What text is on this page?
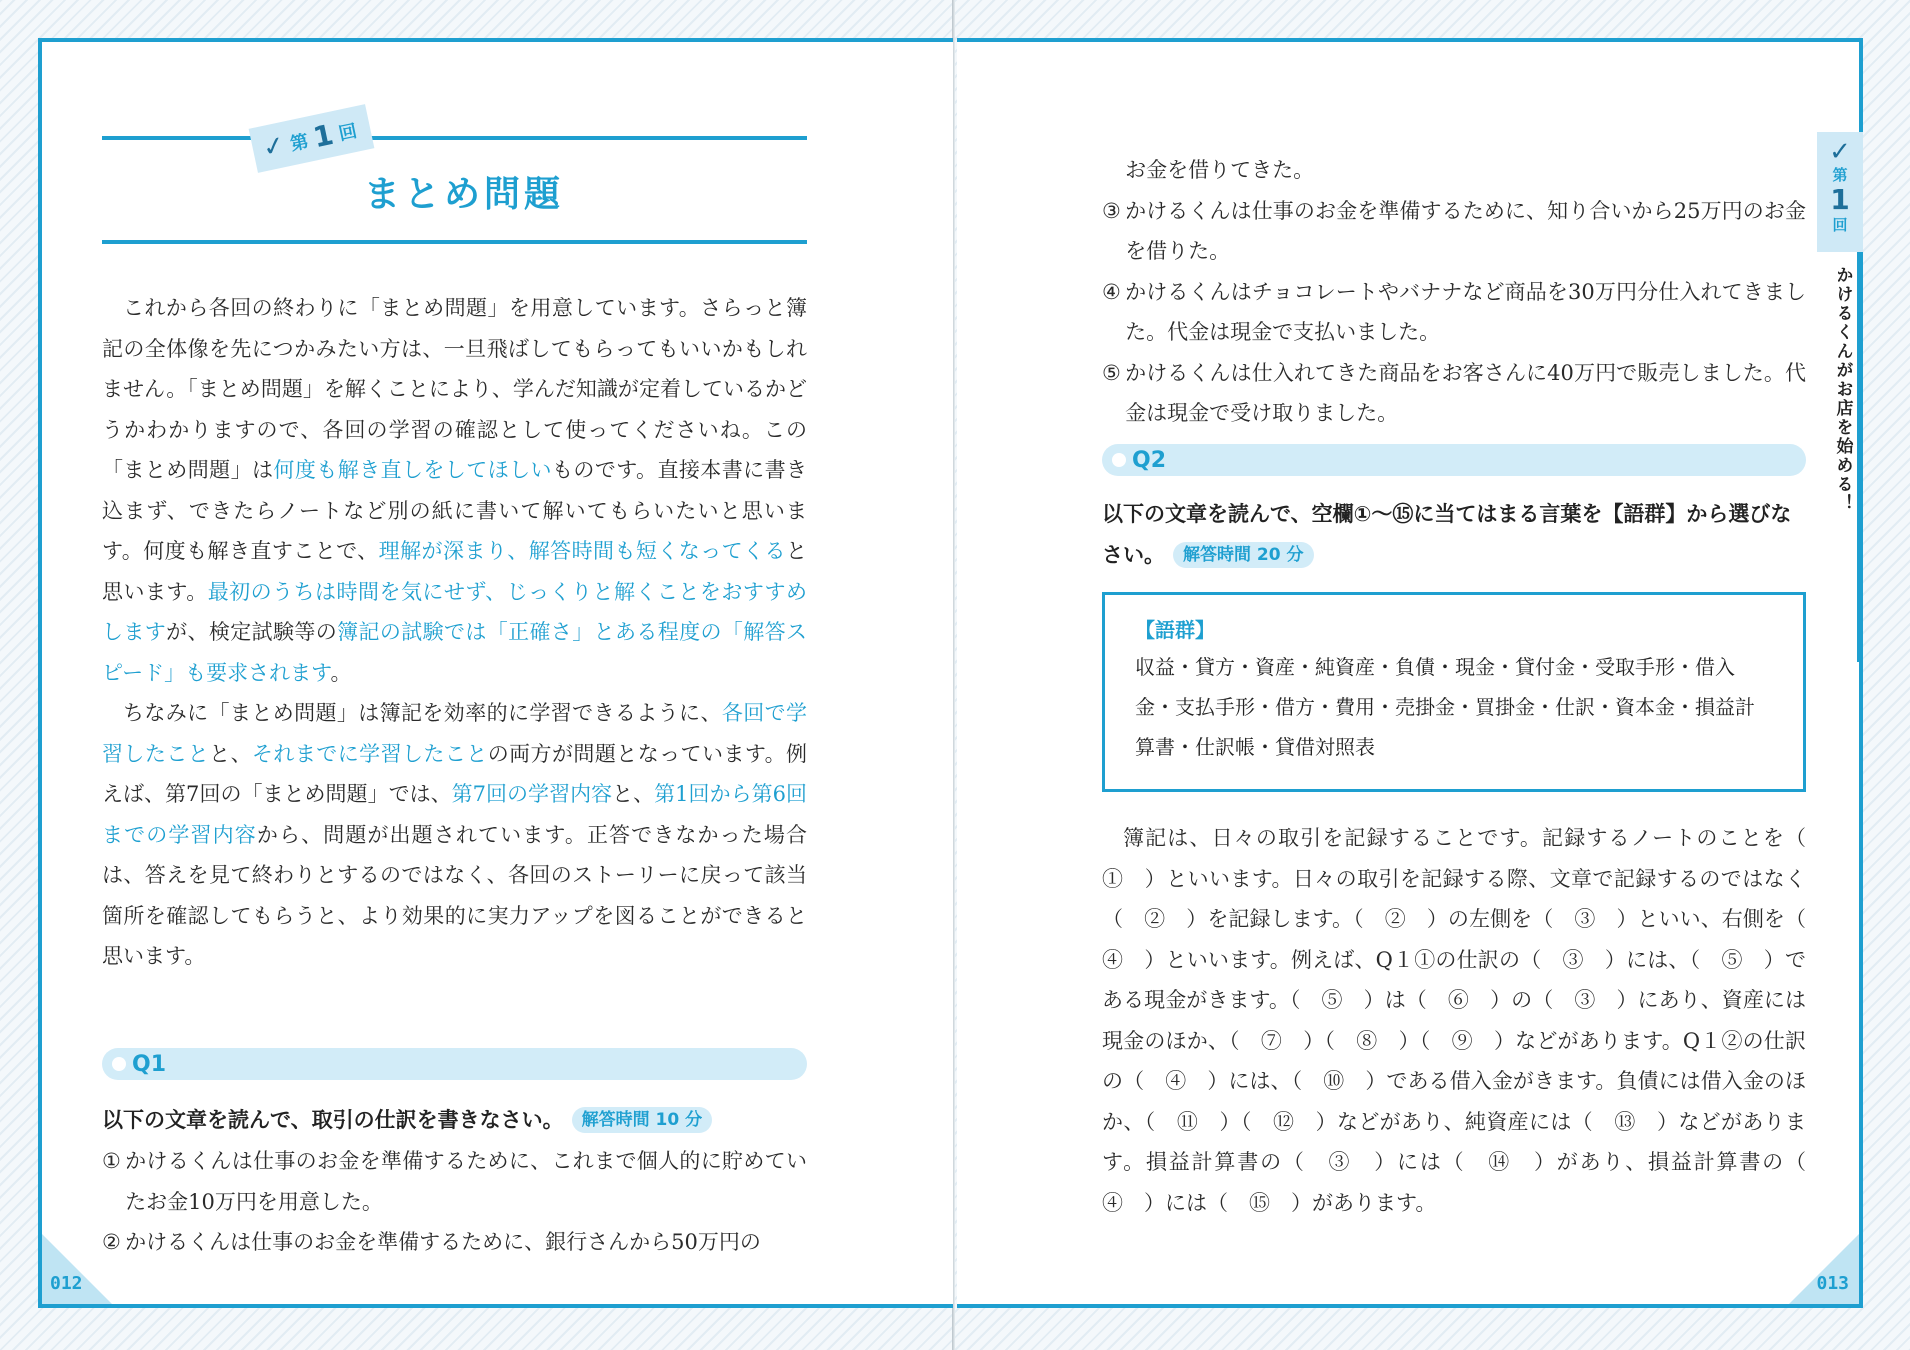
✓ 第 1 回
まとめ問題
これから各回の終わりに「まとめ問題」を用意しています。さらっと簿記の全体像を先につかみたい方は、一旦飛ばしてもらってもいいかもしれません。「まとめ問題」を解くことにより、学んだ知識が定着しているかどうかわかりますので、各回の学習の確認として使ってくださいね。この「まとめ問題」は何度も解き直しをしてほしいものです。直接本書に書き込まず、できたらノートなど別の紙に書いて解いてもらいたいと思います。何度も解き直すことで、理解が深まり、解答時間も短くなってくると思います。最初のうちは時間を気にせず、じっくりと解くことをおすすめしますが、検定試験等の簿記の試験では「正確さ」とある程度の「解答スピード」も要求されます。
ちなみに「まとめ問題」は簿記を効率的に学習できるように、各回で学習したことと、それまでに学習したことの両方が問題となっています。例えば、第7回の「まとめ問題」では、第7回の学習内容と、第1回から第6回までの学習内容から、問題が出題されています。正答できなかった場合は、答えを見て終わりとするのではなく、各回のストーリーに戻って該当箇所を確認してもらうと、より効果的に実力アップを図ることができると思います。
Q1
以下の文章を読んで、取引の仕訳を書きなさい。 解答時間 10 分
① かけるくんは仕事のお金を準備するために、これまで個人的に貯めていたお金10万円を用意した。
② かけるくんは仕事のお金を準備するために、銀行さんから50万円の
012
お金を借りてきた。
③ かけるくんは仕事のお金を準備するために、知り合いから25万円のお金を借りた。
④ かけるくんはチョコレートやバナナなど商品を30万円分仕入れてきました。代金は現金で支払いました。
⑤ かけるくんは仕入れてきた商品をお客さんに40万円で販売しました。代金は現金で受け取りました。
Q2
以下の文章を読んで、空欄①～⑮に当てはまる言葉を【語群】から選びなさい。 解答時間 20 分
【語群】
収益・貸方・資産・純資産・負債・現金・貸付金・受取手形・借入金・支払手形・借方・費用・売掛金・買掛金・仕訳・資本金・損益計算書・仕訳帳・貸借対照表
簿記は、日々の取引を記録することです。記録するノートのことを（　①　）といいます。日々の取引を記録する際、文章で記録するのではなく（　②　）を記録します。（　②　）の左側を（　③　）といい、右側を（　④　）といいます。例えば、Q１①の仕訳の（　③　）には、（　⑤　）である現金がきます。（　⑤　）は（　⑥　）の（　③　）にあり、資産には現金のほか、（　⑦　）（　⑧　）（　⑨　）などがあります。Q１②の仕訳の（　④　）には、（　⑩　）である借入金がきます。負債には借入金のほか、（　⑪　）（　⑫　）などがあり、純資産には（　⑬　）などがあります。損益計算書の（　③　）には（　⑭　）があり、損益計算書の（　④　）には（　⑮　）があります。
✓
第
1
回
かけるくんがお店を始める！
013
